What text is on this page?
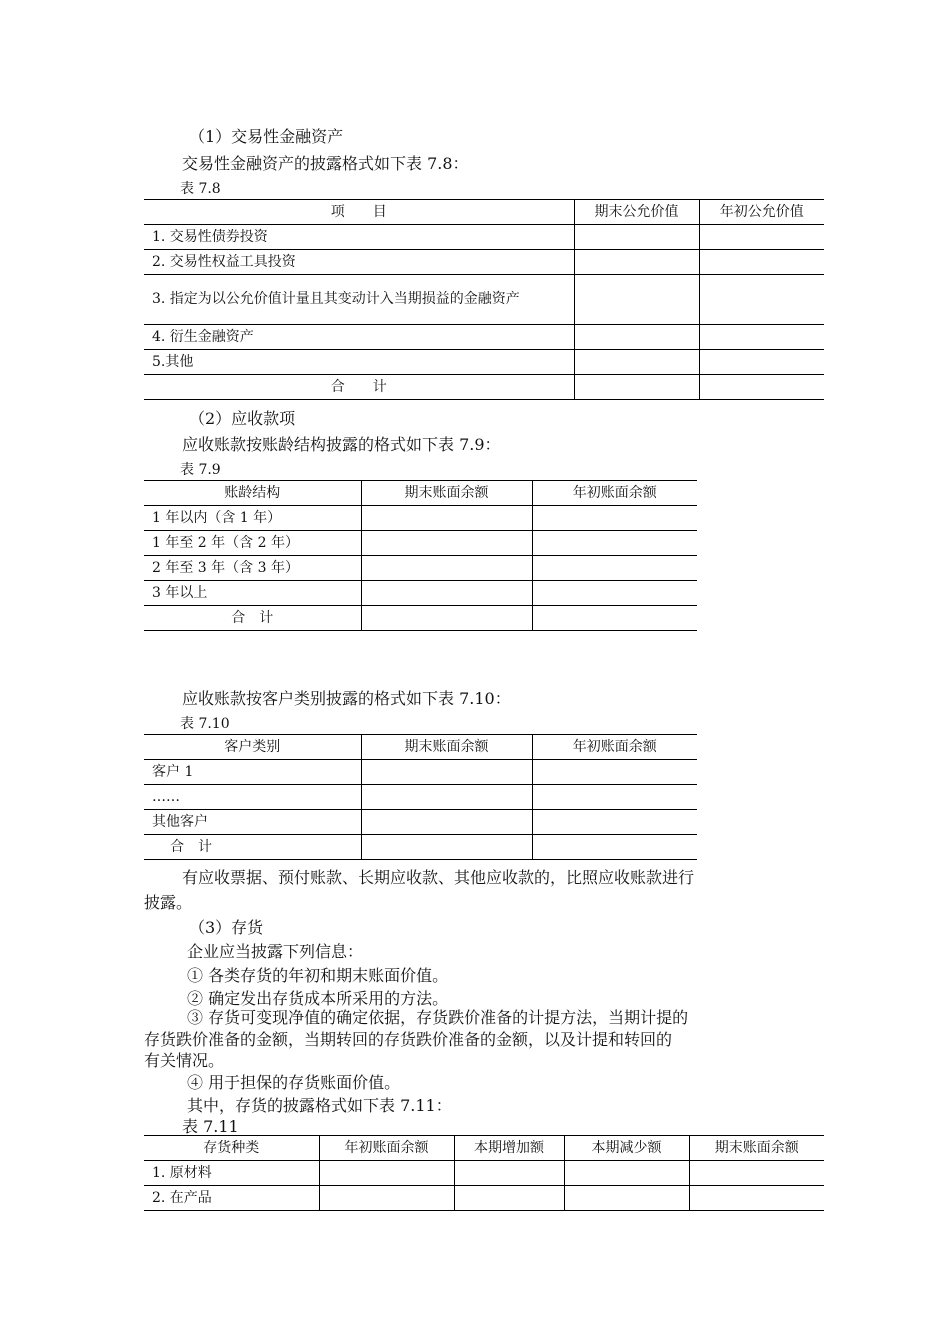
（1）交易性金融资产
交易性金融资产的披露格式如下表 7.8：
表 7.8
项　　目	期末公允价值	年初公允价值
1. 交易性债券投资		
2. 交易性权益工具投资		
3. 指定为以公允价值计量且其变动计入当期损益的金融资产		
4. 衍生金融资产		
5.其他		
合　　计		
（2）应收款项
应收账款按账龄结构披露的格式如下表 7.9：
表 7.9
账龄结构	期末账面余额	年初账面余额
1 年以内（含 1 年）		
1 年至 2 年（含 2 年）		
2 年至 3 年（含 3 年）		
3 年以上		
合　计		
应收账款按客户类别披露的格式如下表 7.10：
表 7.10
客户类别	期末账面余额	年初账面余额
客户 1		
……		
其他客户		
合　计		
有应收票据、预付账款、长期应收款、其他应收款的，比照应收账款进行
披露。
（3）存货
企业应当披露下列信息：
① 各类存货的年初和期末账面价值。
② 确定发出存货成本所采用的方法。
③ 存货可变现净值的确定依据，存货跌价准备的计提方法，当期计提的
存货跌价准备的金额，当期转回的存货跌价准备的金额，以及计提和转回的
有关情况。
④ 用于担保的存货账面价值。
其中，存货的披露格式如下表 7.11：
表 7.11
存货种类	年初账面余额	本期增加额	本期减少额	期末账面余额
1. 原材料				
2. 在产品				
